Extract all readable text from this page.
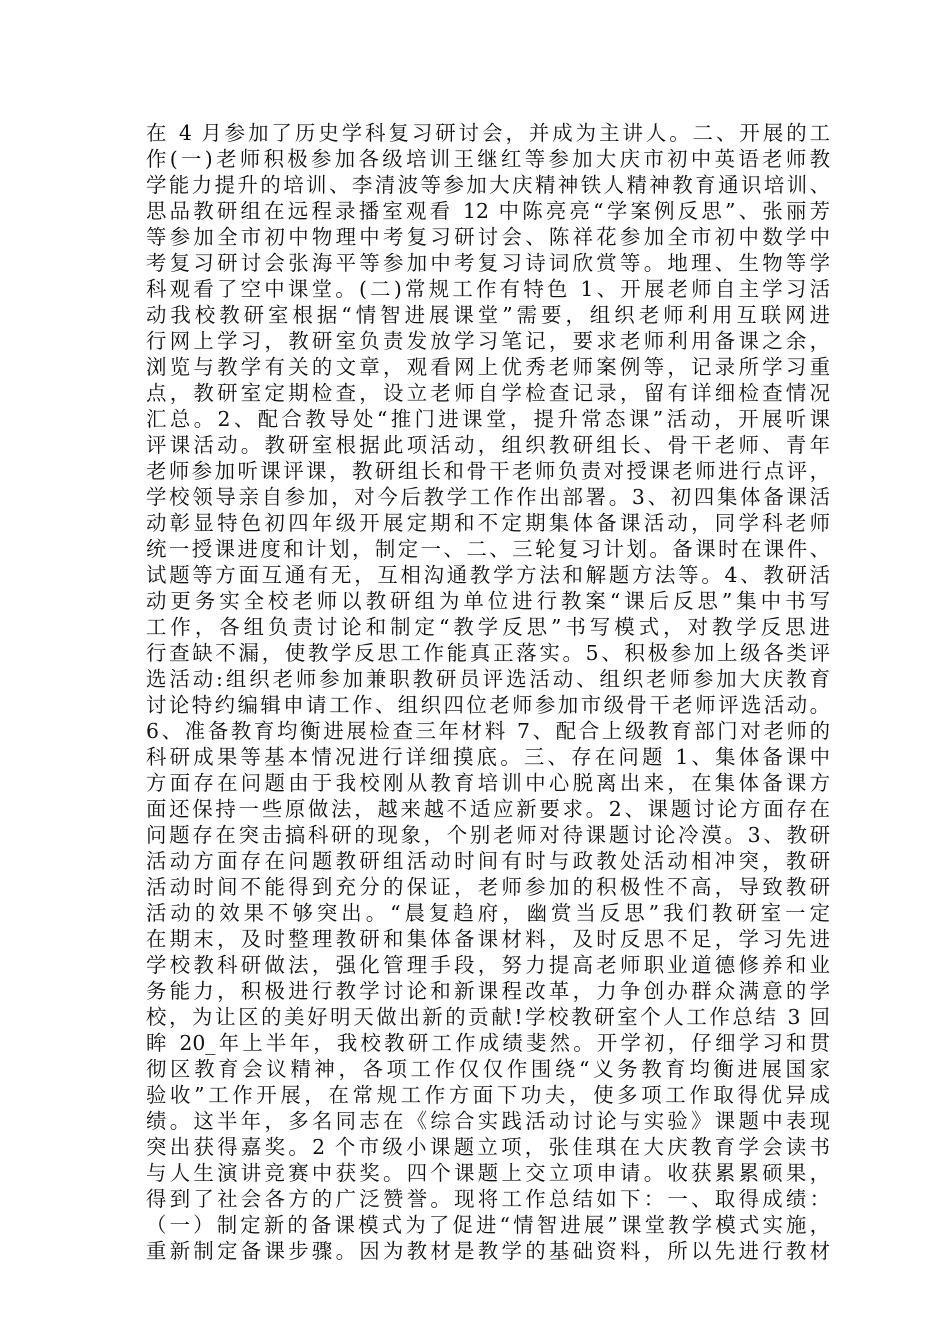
在 4 月参加了历史学科复习研讨会，并成为主讲人。二、开展的工
作(一)老师积极参加各级培训王继红等参加大庆市初中英语老师教
学能力提升的培训、李清波等参加大庆精神铁人精神教育通识培训、
思品教研组在远程录播室观看 12 中陈亮亮“学案例反思”、张丽芳
等参加全市初中物理中考复习研讨会、陈祥花参加全市初中数学中
考复习研讨会张海平等参加中考复习诗词欣赏等。地理、生物等学
科观看了空中课堂。(二)常规工作有特色 1、开展老师自主学习活
动我校教研室根据“情智进展课堂”需要，组织老师利用互联网进
行网上学习，教研室负责发放学习笔记，要求老师利用备课之余，
浏览与教学有关的文章，观看网上优秀老师案例等，记录所学习重
点，教研室定期检查，设立老师自学检查记录，留有详细检查情况
汇总。2、配合教导处“推门进课堂，提升常态课”活动，开展听课
评课活动。教研室根据此项活动，组织教研组长、骨干老师、青年
老师参加听课评课，教研组长和骨干老师负责对授课老师进行点评，
学校领导亲自参加，对今后教学工作作出部署。3、初四集体备课活
动彰显特色初四年级开展定期和不定期集体备课活动，同学科老师
统一授课进度和计划，制定一、二、三轮复习计划。备课时在课件、
试题等方面互通有无，互相沟通教学方法和解题方法等。4、教研活
动更务实全校老师以教研组为单位进行教案“课后反思”集中书写
工作，各组负责讨论和制定“教学反思”书写模式，对教学反思进
行查缺不漏，使教学反思工作能真正落实。5、积极参加上级各类评
选活动:组织老师参加兼职教研员评选活动、组织老师参加大庆教育
讨论特约编辑申请工作、组织四位老师参加市级骨干老师评选活动。
6、准备教育均衡进展检查三年材料 7、配合上级教育部门对老师的
科研成果等基本情况进行详细摸底。三、存在问题 1、集体备课中
方面存在问题由于我校刚从教育培训中心脱离出来，在集体备课方
面还保持一些原做法，越来越不适应新要求。2、课题讨论方面存在
问题存在突击搞科研的现象，个别老师对待课题讨论冷漠。3、教研
活动方面存在问题教研组活动时间有时与政教处活动相冲突，教研
活动时间不能得到充分的保证，老师参加的积极性不高，导致教研
活动的效果不够突出。“晨复趋府，幽赏当反思”我们教研室一定
在期末，及时整理教研和集体备课材料，及时反思不足，学习先进
学校教科研做法，强化管理手段，努力提高老师职业道德修养和业
务能力，积极进行教学讨论和新课程改革，力争创办群众满意的学
校，为让区的美好明天做出新的贡献!学校教研室个人工作总结 3 回
眸 20_年上半年，我校教研工作成绩斐然。开学初，仔细学习和贯
彻区教育会议精神，各项工作仅仅作围绕“义务教育均衡进展国家
验收”工作开展，在常规工作方面下功夫，使多项工作取得优异成
绩。这半年，多名同志在《综合实践活动讨论与实验》课题中表现
突出获得嘉奖。2 个市级小课题立项，张佳琪在大庆教育学会读书
与人生演讲竞赛中获奖。四个课题上交立项申请。收获累累硕果，
得到了社会各方的广泛赞誉。现将工作总结如下：一、取得成绩：
（一）制定新的备课模式为了促进“情智进展”课堂教学模式实施，
重新制定备课步骤。因为教材是教学的基础资料，所以先进行教材
